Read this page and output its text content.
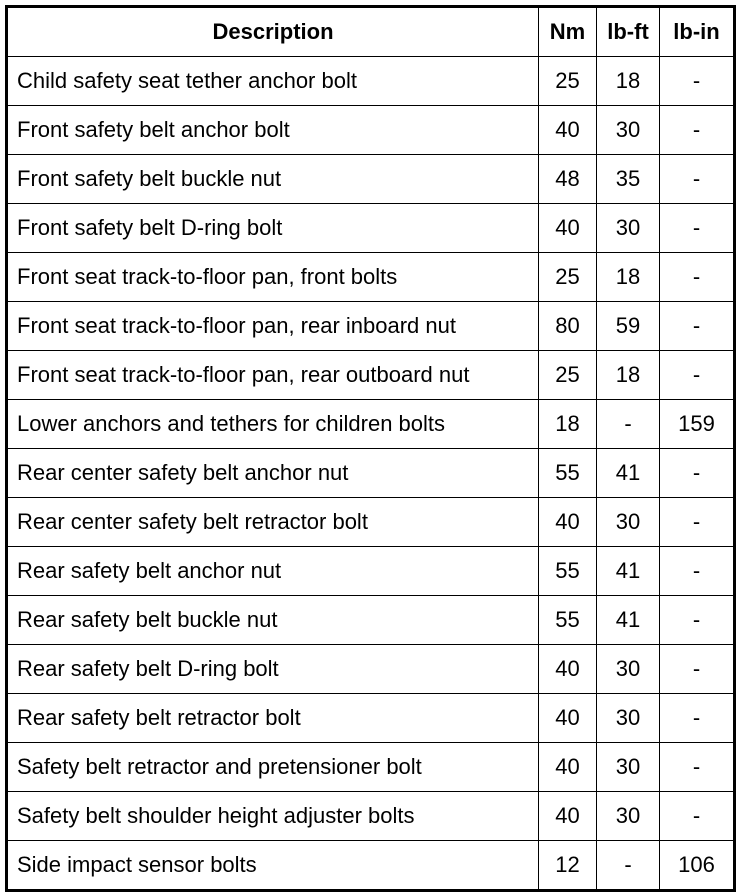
Description	Nm	lb-ft	lb-in
Child safety seat tether anchor bolt	25	18	-
Front safety belt anchor bolt	40	30	-
Front safety belt buckle nut	48	35	-
Front safety belt D-ring bolt	40	30	-
Front seat track-to-floor pan, front bolts	25	18	-
Front seat track-to-floor pan, rear inboard nut	80	59	-
Front seat track-to-floor pan, rear outboard nut	25	18	-
Lower anchors and tethers for children bolts	18	-	159
Rear center safety belt anchor nut	55	41	-
Rear center safety belt retractor bolt	40	30	-
Rear safety belt anchor nut	55	41	-
Rear safety belt buckle nut	55	41	-
Rear safety belt D-ring bolt	40	30	-
Rear safety belt retractor bolt	40	30	-
Safety belt retractor and pretensioner bolt	40	30	-
Safety belt shoulder height adjuster bolts	40	30	-
Side impact sensor bolts	12	-	106
